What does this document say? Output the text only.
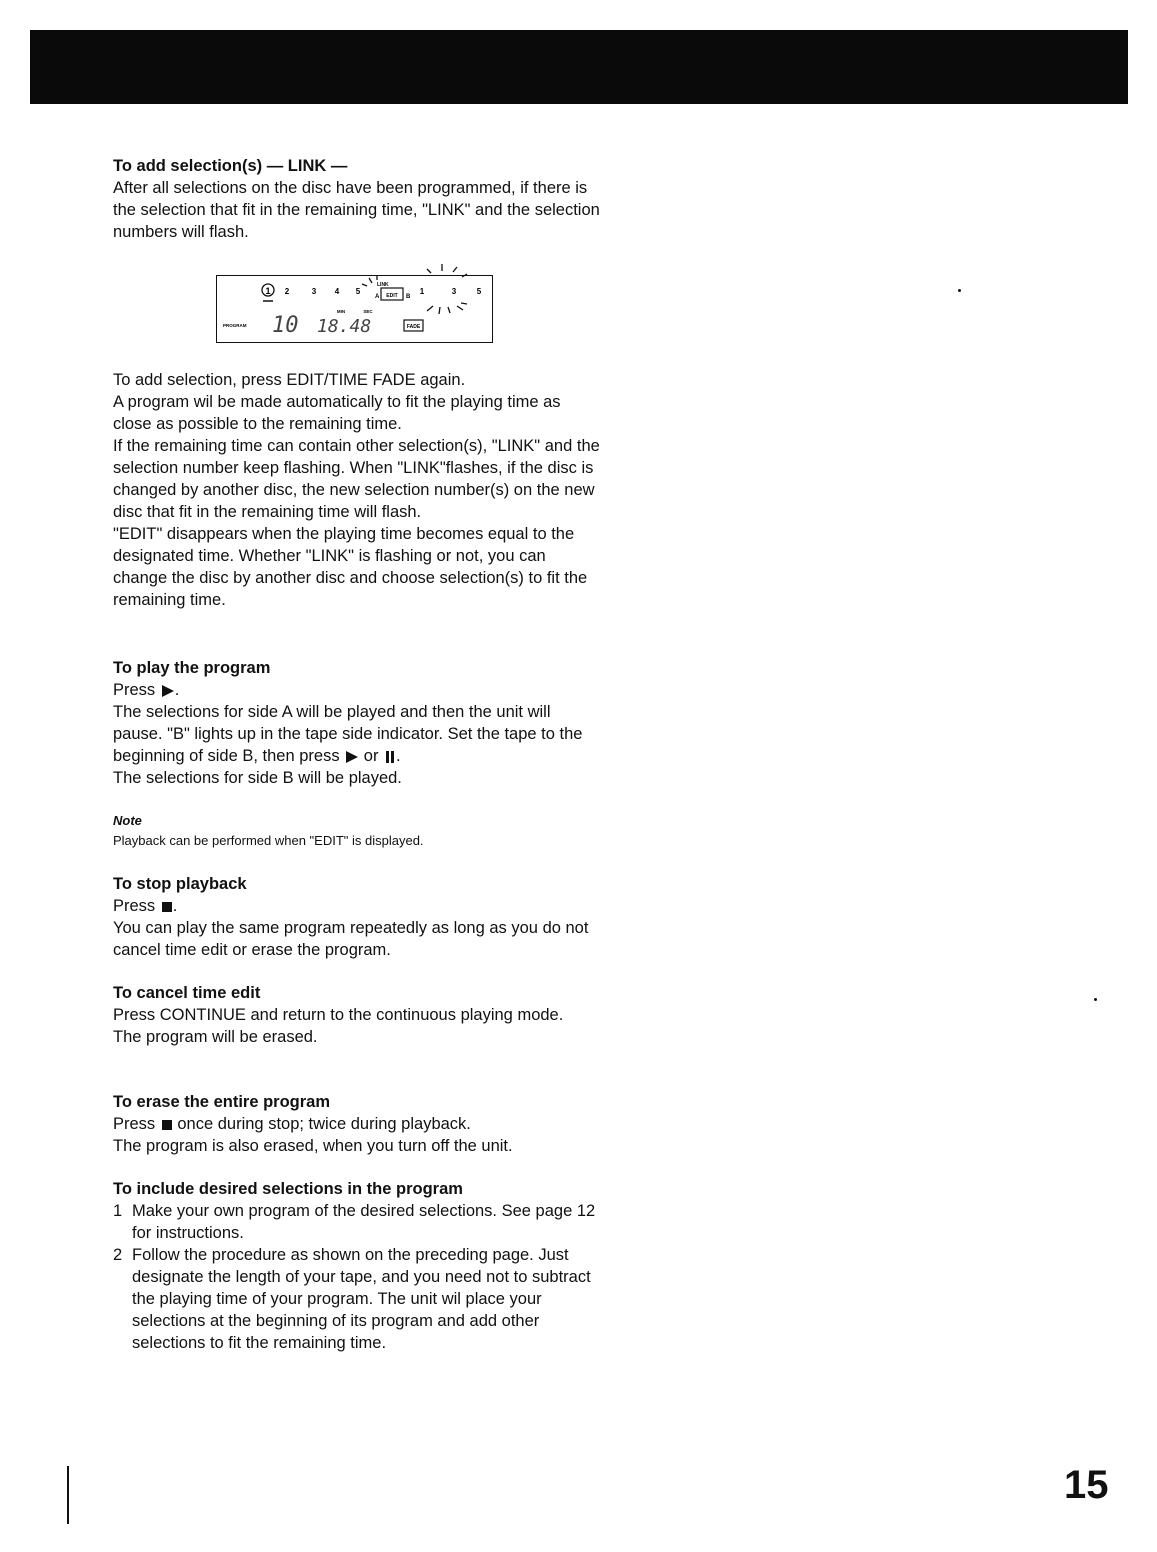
To add selection(s) — LINK —
After all selections on the disc have been programmed, if there is the selection that fit in the remaining time, "LINK" and the selection numbers will flash.
1 2	3 4 5	1	3	5
LINK
EDIT
A	B
MIN	SEC
PROGRAM 10 18.48	FADE
To add selection, press EDIT/TIME FADE again.
A program wil be made automatically to fit the playing time as close as possible to the remaining time.
If the remaining time can contain other selection(s), "LINK" and the selection number keep flashing. When "LINK"flashes, if the disc is changed by another disc, the new selection number(s) on the new disc that fit in the remaining time will flash.
"EDIT" disappears when the playing time becomes equal to the designated time. Whether "LINK" is flashing or not, you can change the disc by another disc and choose selection(s) to fit the remaining time.
To play the program
Press .
The selections for side A will be played and then the unit will pause. "B" lights up in the tape side indicator. Set the tape to the beginning of side B, then press or .
The selections for side B will be played.
Note
Playback can be performed when "EDIT" is displayed.
To stop playback
Press .
You can play the same program repeatedly as long as you do not cancel time edit or erase the program.
To cancel time edit
Press CONTINUE and return to the continuous playing mode.
The program will be erased.
To erase the entire program
Press once during stop; twice during playback.
The program is also erased, when you turn off the unit.
To include desired selections in the program
1 Make your own program of the desired selections. See page 12 for instructions.
2 Follow the procedure as shown on the preceding page. Just designate the length of your tape, and you need not to subtract the playing time of your program. The unit wil place your selections at the beginning of its program and add other selections to fit the remaining time.
15
